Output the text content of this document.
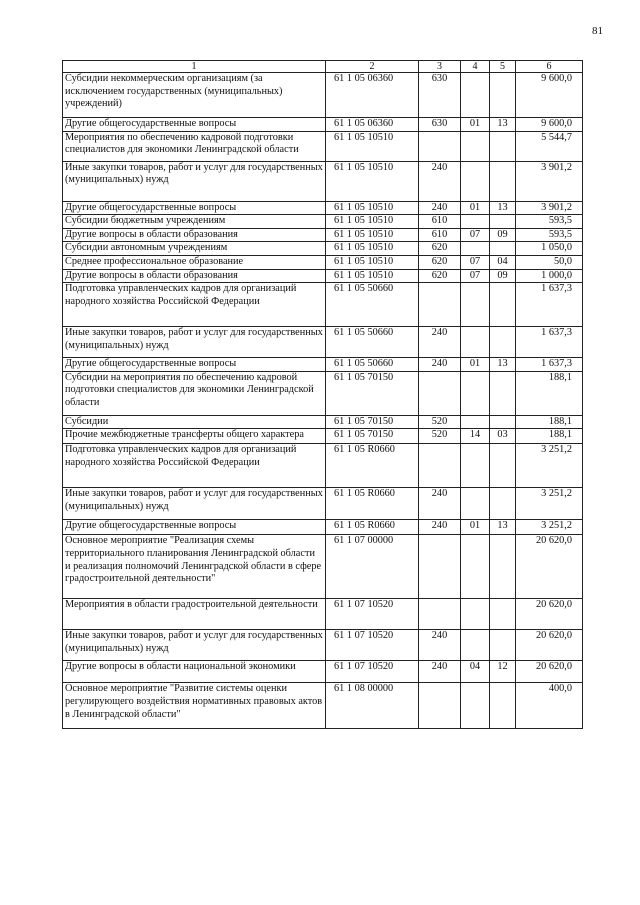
81
1	2	3	4	5	6
Субсидии некоммерческим организациям (за исключением государственных (муниципальных) учреждений)	61 1 05 06360	630			9 600,0
Другие общегосударственные вопросы	61 1 05 06360	630	01	13	9 600,0
Мероприятия по обеспечению кадровой подготовки специалистов для экономики Ленинградской области	61 1 05 10510				5 544,7
Иные закупки товаров, работ и услуг для государственных (муниципальных) нужд	61 1 05 10510	240			3 901,2
Другие общегосударственные вопросы	61 1 05 10510	240	01	13	3 901,2
Субсидии бюджетным учреждениям	61 1 05 10510	610			593,5
Другие вопросы в области образования	61 1 05 10510	610	07	09	593,5
Субсидии автономным учреждениям	61 1 05 10510	620			1 050,0
Среднее профессиональное образование	61 1 05 10510	620	07	04	50,0
Другие вопросы в области образования	61 1 05 10510	620	07	09	1 000,0
Подготовка управленческих кадров для организаций народного хозяйства Российской Федерации	61 1 05 50660				1 637,3
Иные закупки товаров, работ и услуг для государственных (муниципальных) нужд	61 1 05 50660	240			1 637,3
Другие общегосударственные вопросы	61 1 05 50660	240	01	13	1 637,3
Субсидии на мероприятия по обеспечению кадровой подготовки специалистов для экономики Ленинградской области	61 1 05 70150				188,1
Субсидии	61 1 05 70150	520			188,1
Прочие межбюджетные трансферты общего характера	61 1 05 70150	520	14	03	188,1
Подготовка управленческих кадров для организаций народного хозяйства Российской Федерации	61 1 05 R0660				3 251,2
Иные закупки товаров, работ и услуг для государственных (муниципальных) нужд	61 1 05 R0660	240			3 251,2
Другие общегосударственные вопросы	61 1 05 R0660	240	01	13	3 251,2
Основное мероприятие "Реализация схемы территориального планирования Ленинградской области и реализация полномочий Ленинградской области в сфере градостроительной деятельности"	61 1 07 00000				20 620,0
Мероприятия в области градостроительной деятельности	61 1 07 10520				20 620,0
Иные закупки товаров, работ и услуг для государственных (муниципальных) нужд	61 1 07 10520	240			20 620,0
Другие вопросы в области национальной экономики	61 1 07 10520	240	04	12	20 620,0
Основное мероприятие "Развитие системы оценки регулирующего воздействия нормативных правовых актов в Ленинградской области"	61 1 08 00000				400,0
